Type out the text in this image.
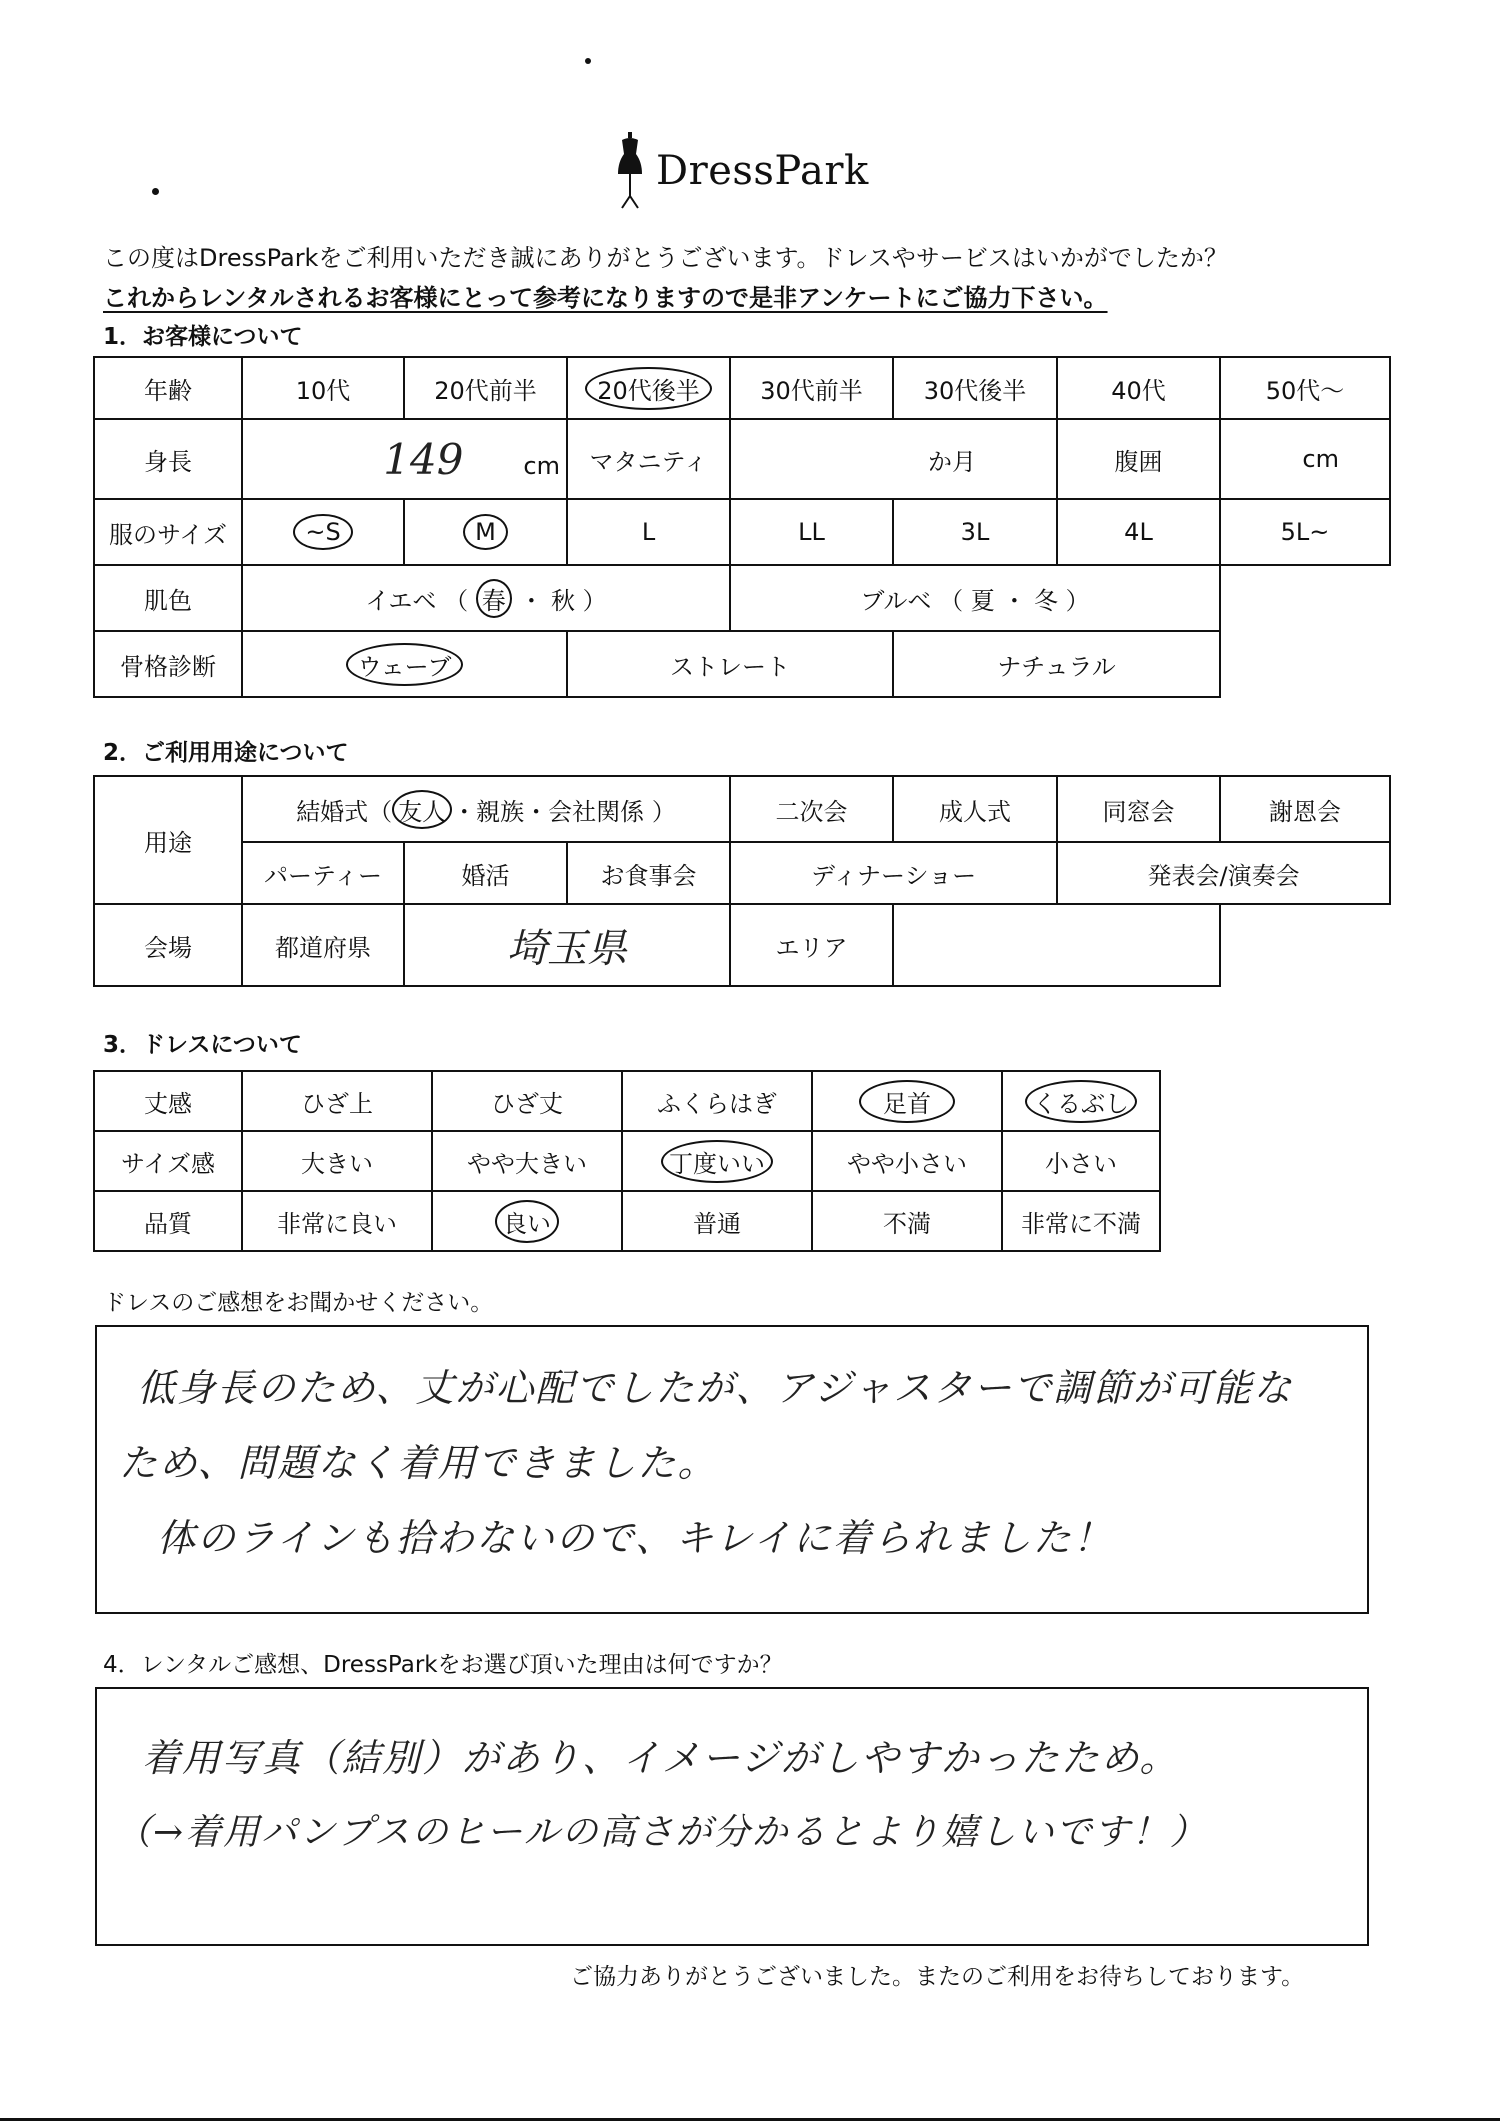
DressPark
この度はDressParkをご利用いただき誠にありがとうございます。ドレスやサービスはいかがでしたか？
これからレンタルされるお客様にとって参考になりますので是非アンケートにご協力下さい。
1．お客様について
年齢	10代	20代前半	20代後半	30代前半	30代後半	40代	50代～
身長	149 cm		マタニティ	か月		腹囲	cm
服のサイズ	~S	M	L	LL	3L	4L	5L~
肌色	イエベ （ 春 ・ 秋 ）			ブルベ （ 夏 ・ 冬 ）			
骨格診断	ウェーブ		ストレート		ナチュラル		
2．ご利用用途について
用途	結婚式（ 友人 ・親族・会社関係 ）			二次会	成人式	同窓会	謝恩会
	パーティー	婚活	お食事会	ディナーショー		発表会/演奏会	
会場	都道府県	埼玉県		エリア			
3．ドレスについて
丈感	ひざ上	ひざ丈	ふくらはぎ	足首	くるぶし
サイズ感	大きい	やや大きい	丁度いい	やや小さい	小さい
品質	非常に良い	良い	普通	不満	非常に不満
ドレスのご感想をお聞かせください。
低身長のため、丈が心配でしたが、アジャスターで調節が可能な
ため、問題なく着用できました。
体のラインも拾わないので、キレイに着られました！
4．レンタルご感想、DressParkをお選び頂いた理由は何ですか？
着用写真（結別）があり、イメージがしやすかったため。
（→着用パンプスのヒールの高さが分かるとより嬉しいです！）
ご協力ありがとうございました。またのご利用をお待ちしております。
